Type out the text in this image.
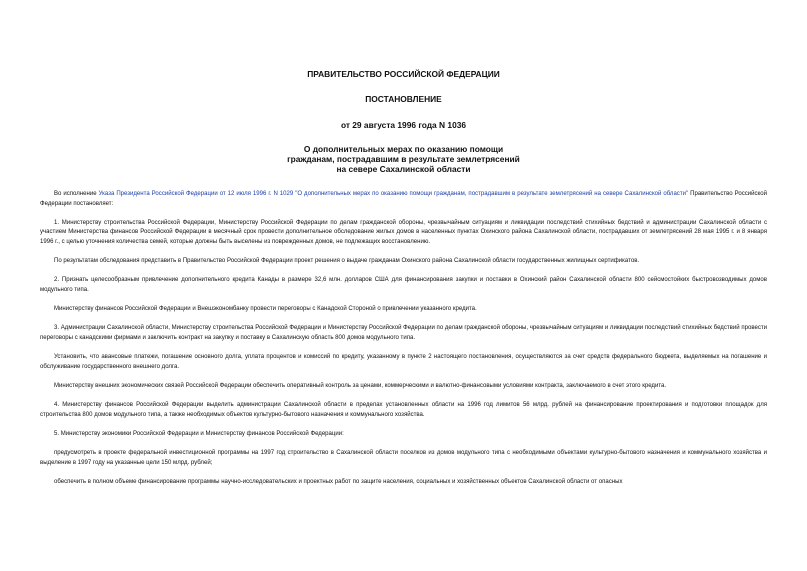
ПРАВИТЕЛЬСТВО РОССИЙСКОЙ ФЕДЕРАЦИИ
ПОСТАНОВЛЕНИЕ
от 29 августа 1996 года N 1036
О дополнительных мерах по оказанию помощи
гражданам, пострадавшим в результате землетрясений
на севере Сахалинской области

Во исполнение Указа Президента Российской Федерации от 12 июля 1996 г. N 1029 "О дополнительных мерах по оказанию помощи гражданам, пострадавшим в результате землетрясений на севере Сахалинской области" Правительство Российской Федерации постановляет:

1. Министерству строительства Российской Федерации, Министерству Российской Федерации по делам гражданской обороны, чрезвычайным ситуациям и ликвидации последствий стихийных бедствий и администрации Сахалинской области с участием Министерства финансов Российской Федерации в месячный срок провести дополнительное обследование жилых домов в населенных пунктах Охинского района Сахалинской области, пострадавших от землетрясений 28 мая 1995 г. и 8 января 1996 г., с целью уточнения количества семей, которые должны быть выселены из поврежденных домов, не подлежащих восстановлению.

По результатам обследования представить в Правительство Российской Федерации проект решения о выдаче гражданам Охинского района Сахалинской области государственных жилищных сертификатов.

2. Признать целесообразным привлечение дополнительного кредита Канады в размере 32,6 млн. долларов США для финансирования закупки и поставки в Охинский район Сахалинской области 800 сейсмостойких быстровозводимых домов модульного типа.

Министерству финансов Российской Федерации и Внешэкономбанку провести переговоры с Канадской Стороной о привлечении указанного кредита.

3. Администрации Сахалинской области, Министерству строительства Российской Федерации и Министерству Российской Федерации по делам гражданской обороны, чрезвычайным ситуациям и ликвидации последствий стихийных бедствий провести переговоры с канадскими фирмами и заключить контракт на закупку и поставку в Сахалинскую область 800 домов модульного типа.

Установить, что авансовые платежи, погашение основного долга, уплата процентов и комиссий по кредиту, указанному в пункте 2 настоящего постановления, осуществляются за счет средств федерального бюджета, выделяемых на погашение и обслуживание государственного внешнего долга.

Министерству внешних экономических связей Российской Федерации обеспечить оперативный контроль за ценами, коммерческими и валютно-финансовыми условиями контракта, заключаемого в счет этого кредита.

4. Министерству финансов Российской Федерации выделить администрации Сахалинской области в пределах установленных области на 1996 год лимитов 56 млрд. рублей на финансирование проектирования и подготовки площадок для строительства 800 домов модульного типа, а также необходимых объектов культурно-бытового назначения и коммунального хозяйства.

5. Министерству экономики Российской Федерации и Министерству финансов Российской Федерации:

предусмотреть в проекте федеральной инвестиционной программы на 1997 год строительство в Сахалинской области поселков из домов модульного типа с необходимыми объектами культурно-бытового назначения и коммунального хозяйства и выделение в 1997 году на указанные цели 150 млрд. рублей;

обеспечить в полном объеме финансирование программы научно-исследовательских и проектных работ по защите населения, социальных и хозяйственных объектов Сахалинской области от опасных
